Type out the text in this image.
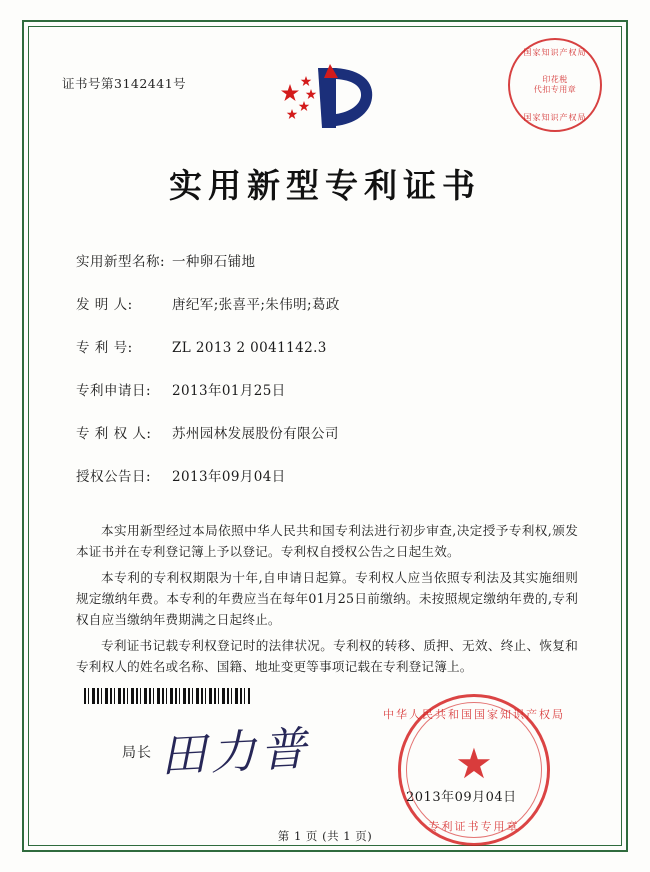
证书号第3142441号
国家知识产权局
印花税
代扣专用章
国家知识产权局
实用新型专利证书
实用新型名称: 一种卵石铺地
发 明 人:	唐纪军;张喜平;朱伟明;葛政
专 利 号:	ZL 2013 2 0041142.3
专利申请日:	2013年01月25日
专 利 权 人:	苏州园林发展股份有限公司
授权公告日:	2013年09月04日

本实用新型经过本局依照中华人民共和国专利法进行初步审查,决定授予专利权,颁发本证书并在专利登记簿上予以登记。专利权自授权公告之日起生效。

本专利的专利权期限为十年,自申请日起算。专利权人应当依照专利法及其实施细则规定缴纳年费。本专利的年费应当在每年01月25日前缴纳。未按照规定缴纳年费的,专利权自应当缴纳年费期满之日起终止。

专利证书记载专利权登记时的法律状况。专利权的转移、质押、无效、终止、恢复和专利权人的姓名或名称、国籍、地址变更等事项记载在专利登记簿上。

局长 田力普
中华人民共和国国家知识产权局
★
专利证书专用章
2013年09月04日
第 1 页 (共 1 页)
